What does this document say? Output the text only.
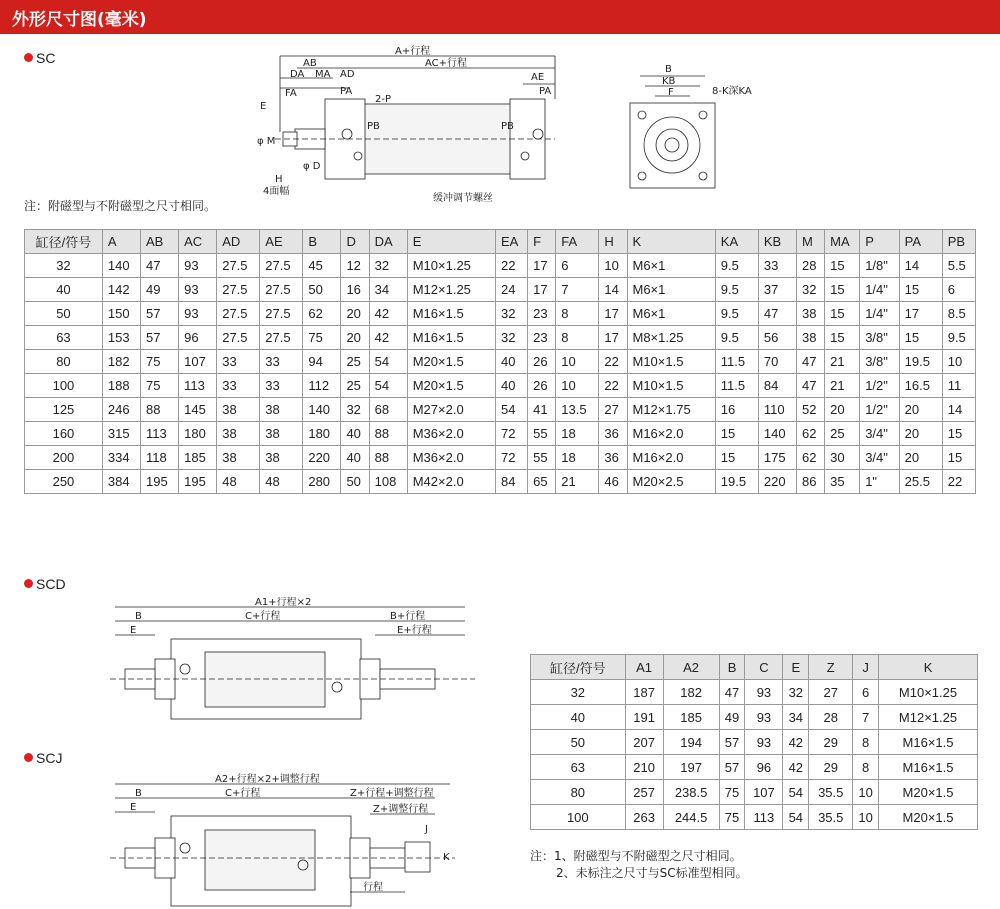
外形尺寸图(毫米)
SC	A+行程
AC+行程
AB
DA MA AD	AE
FA
E
PA	PA
2-P
PB	PB
φ M
φ D
H
4面幅
缓冲调节螺丝
B
KB
F	8-K深KA
注：附磁型与不附磁型之尺寸相同。
缸径/符号	A	AB	AC	AD	AE	B	D	DA	E	EA	F	FA	H	K	KA	KB	M	MA	P	PA	PB
32	140	47	93	27.5	27.5	45	12	32	M10×1.25	22	17	6	10	M6×1	9.5	33	28	15	1/8"	14	5.5
40	142	49	93	27.5	27.5	50	16	34	M12×1.25	24	17	7	14	M6×1	9.5	37	32	15	1/4"	15	6
50	150	57	93	27.5	27.5	62	20	42	M16×1.5	32	23	8	17	M6×1	9.5	47	38	15	1/4"	17	8.5
63	153	57	96	27.5	27.5	75	20	42	M16×1.5	32	23	8	17	M8×1.25	9.5	56	38	15	3/8"	15	9.5
80	182	75	107	33	33	94	25	54	M20×1.5	40	26	10	22	M10×1.5	11.5	70	47	21	3/8"	19.5	10
100	188	75	113	33	33	112	25	54	M20×1.5	40	26	10	22	M10×1.5	11.5	84	47	21	1/2"	16.5	11
125	246	88	145	38	38	140	32	68	M27×2.0	54	41	13.5	27	M12×1.75	16	110	52	20	1/2"	20	14
160	315	113	180	38	38	180	40	88	M36×2.0	72	55	18	36	M16×2.0	15	140	62	25	3/4"	20	15
200	334	118	185	38	38	220	40	88	M36×2.0	72	55	18	36	M16×2.0	15	175	62	30	3/4"	20	15
250	384	195	195	48	48	280	50	108	M42×2.0	84	65	21	46	M20×2.5	19.5	220	86	35	1"	25.5	22
SCD
A1+行程×2
B	C+行程	B+行程
E	E+行程
SCJ
A2+行程×2+调整行程
B	C+行程
E
Z+行程+调整行程
Z+调整行程
J
K
行程
缸径/符号	A1	A2	B	C	E	Z	J	K
32	187	182	47	93	32	27	6	M10×1.25
40	191	185	49	93	34	28	7	M12×1.25
50	207	194	57	93	42	29	8	M16×1.5
63	210	197	57	96	42	29	8	M16×1.5
80	257	238.5	75	107	54	35.5	10	M20×1.5
100	263	244.5	75	113	54	35.5	10	M20×1.5
注：1、附磁型与不附磁型之尺寸相同。
2、未标注之尺寸与SC标准型相同。
